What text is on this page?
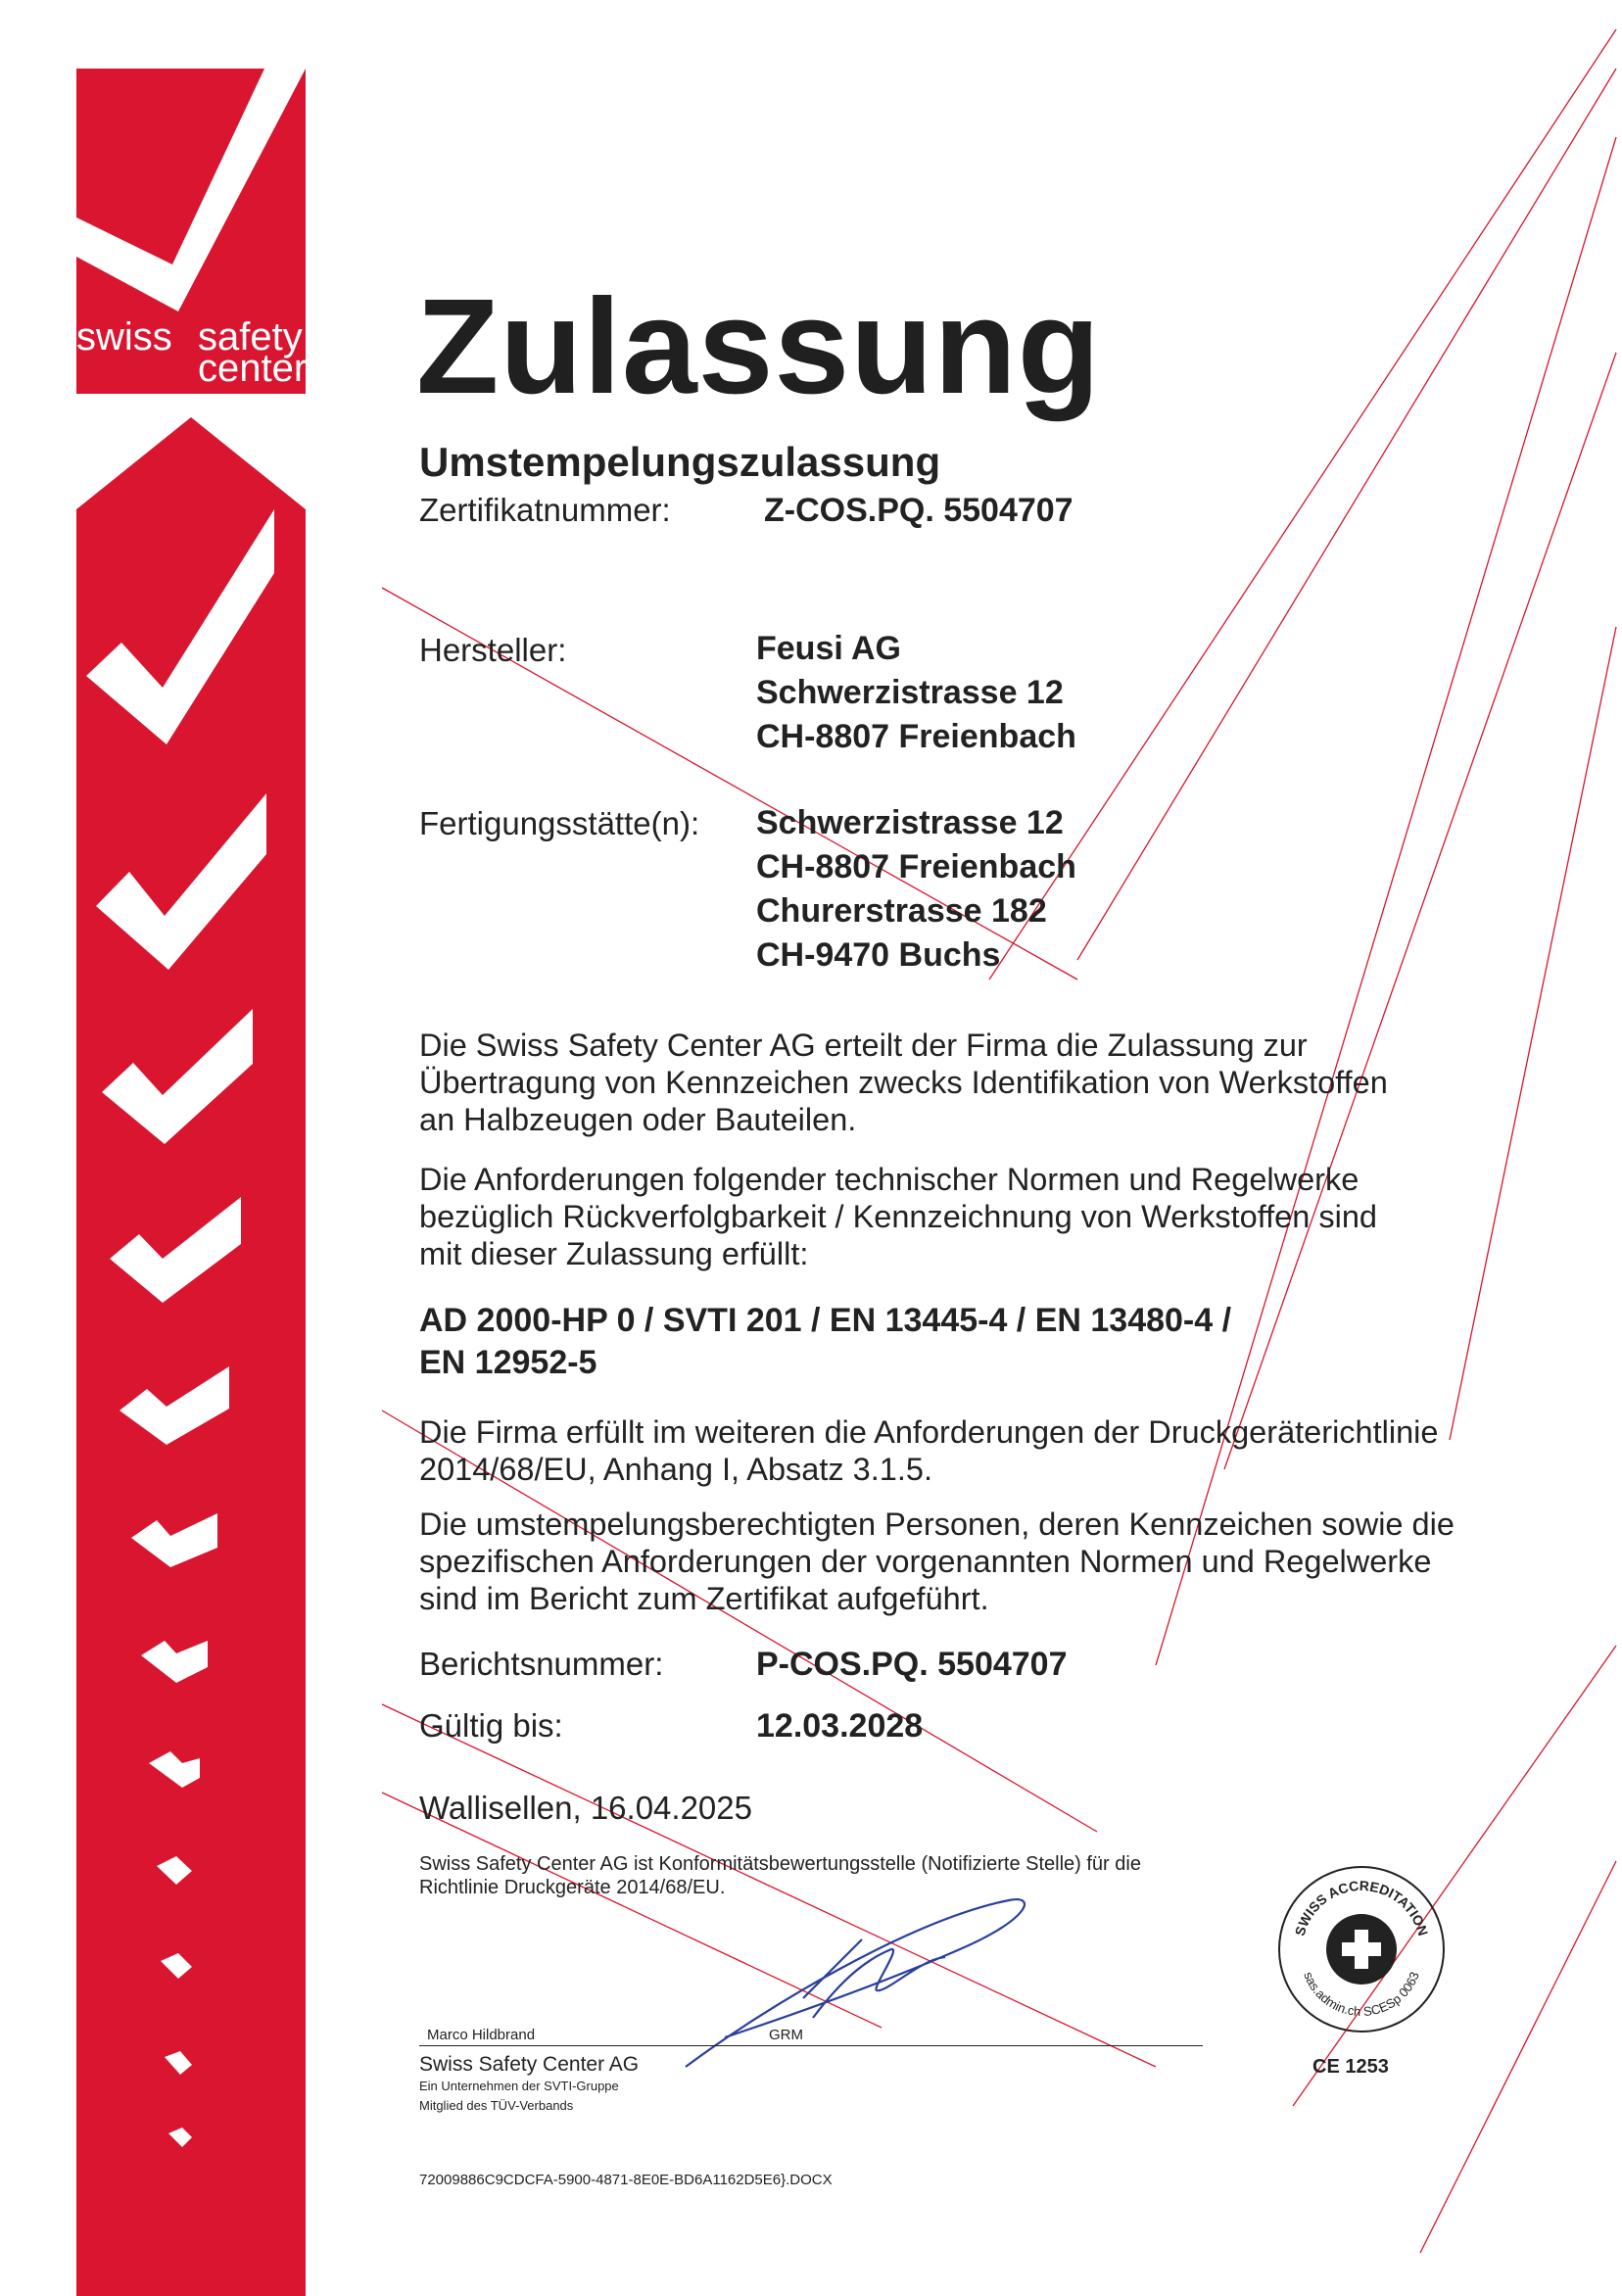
swiss safety
center Zulassung
Umstempelungszulassung
Zertifikatnummer:	Z-COS.PQ. 5504707
Hersteller:	Feusi AG
Schwerzistrasse 12
CH-8807 Freienbach
Fertigungsstätte(n): Schwerzistrasse 12
CH-8807 Freienbach
Churerstrasse 182
CH-9470 Buchs
Die Swiss Safety Center AG erteilt der Firma die Zulassung zur Übertragung von Kennzeichen zwecks Identifikation von Werkstoffen an Halbzeugen oder Bauteilen.
Die Anforderungen folgender technischer Normen und Regelwerke bezüglich Rückverfolgbarkeit / Kennzeichnung von Werkstoffen sind mit dieser Zulassung erfüllt:
AD 2000-HP 0 / SVTI 201 / EN 13445-4 / EN 13480-4 /
EN 12952-5
Die Firma erfüllt im weiteren die Anforderungen der Druckgeräterichtlinie 2014/68/EU, Anhang I, Absatz 3.1.5.
Die umstempelungsberechtigten Personen, deren Kennzeichen sowie die spezifischen Anforderungen der vorgenannten Normen und Regelwerke sind im Bericht zum Zertifikat aufgeführt.
Berichtsnummer:	P-COS.PQ. 5504707
Gültig bis:	12.03.2028
Wallisellen, 16.04.2025
Swiss Safety Center AG ist Konformitätsbewertungsstelle (Notifizierte Stelle) für die Richtlinie Druckgeräte 2014/68/EU.
Marco Hildbrand	GRM
Swiss Safety Center AG
Ein Unternehmen der SVTI-Gruppe
Mitglied des TÜV-Verbands
72009886C9CDCFA-5900-4871-8E0E-BD6A1162D5E6}.DOCX
SWISS ACCREDITATION
sas.admin.ch SCESp 0063
CE 1253
